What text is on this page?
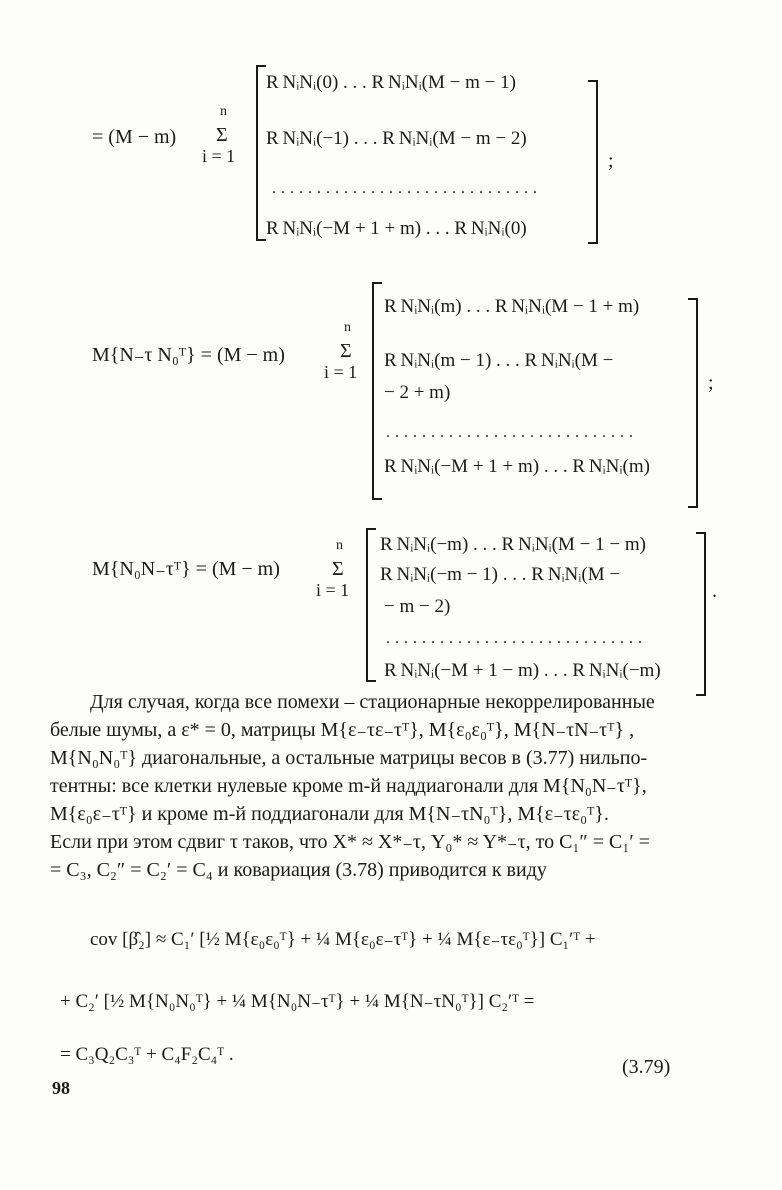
= (M − m)
n
Σ
i = 1
R NᵢNᵢ(0) . . . R NᵢNᵢ(M − m − 1)
R NᵢNᵢ(−1) . . . R NᵢNᵢ(M − m − 2)
. . . . . . . . . . . . . . . . . . . . . . . . . . . . . .
R NᵢNᵢ(−M + 1 + m) . . . R NᵢNᵢ(0)
;
M{N₋τ N₀ᵀ} = (M − m)
n
Σ
i = 1
R NᵢNᵢ(m) . . . R NᵢNᵢ(M − 1 + m)
R NᵢNᵢ(m − 1) . . . R NᵢNᵢ(M −
− 2 + m)
. . . . . . . . . . . . . . . . . . . . . . . . . . . .
R NᵢNᵢ(−M + 1 + m) . . . R NᵢNᵢ(m)
;
M{N₀N₋τᵀ} = (M − m)
n
Σ
i = 1
R NᵢNᵢ(−m) . . . R NᵢNᵢ(M − 1 − m)
R NᵢNᵢ(−m − 1) . . . R NᵢNᵢ(M −
− m − 2)
. . . . . . . . . . . . . . . . . . . . . . . . . . . . .
R NᵢNᵢ(−M + 1 − m) . . . R NᵢNᵢ(−m)
.
Для случая, когда все помехи – стационарные некоррелированные
белые шумы, а ε* = 0, матрицы M{ε₋τε₋τᵀ}, M{ε₀ε₀ᵀ}, M{N₋τN₋τᵀ} ,
M{N₀N₀ᵀ} диагональные, а остальные матрицы весов в (3.77) нильпо-
тентны: все клетки нулевые кроме m-й наддиагонали для M{N₀N₋τᵀ},
M{ε₀ε₋τᵀ} и кроме m-й поддиагонали для M{N₋τN₀ᵀ}, M{ε₋τε₀ᵀ}.
Если при этом сдвиг τ таков, что X* ≈ X*₋τ, Y₀* ≈ Y*₋τ, то C₁″ = C₁′ =
= C₃, C₂″ = C₂′ = C₄ и ковариация (3.78) приводится к виду
cov [β̂₂] ≈ C₁′ [½ M{ε₀ε₀ᵀ} + ¼ M{ε₀ε₋τᵀ} + ¼ M{ε₋τε₀ᵀ}] C₁′ᵀ +
+ C₂′ [½ M{N₀N₀ᵀ} + ¼ M{N₀N₋τᵀ} + ¼ M{N₋τN₀ᵀ}] C₂′ᵀ =
= C₃Q₂C₃ᵀ + C₄F₂C₄ᵀ .
(3.79)
98
